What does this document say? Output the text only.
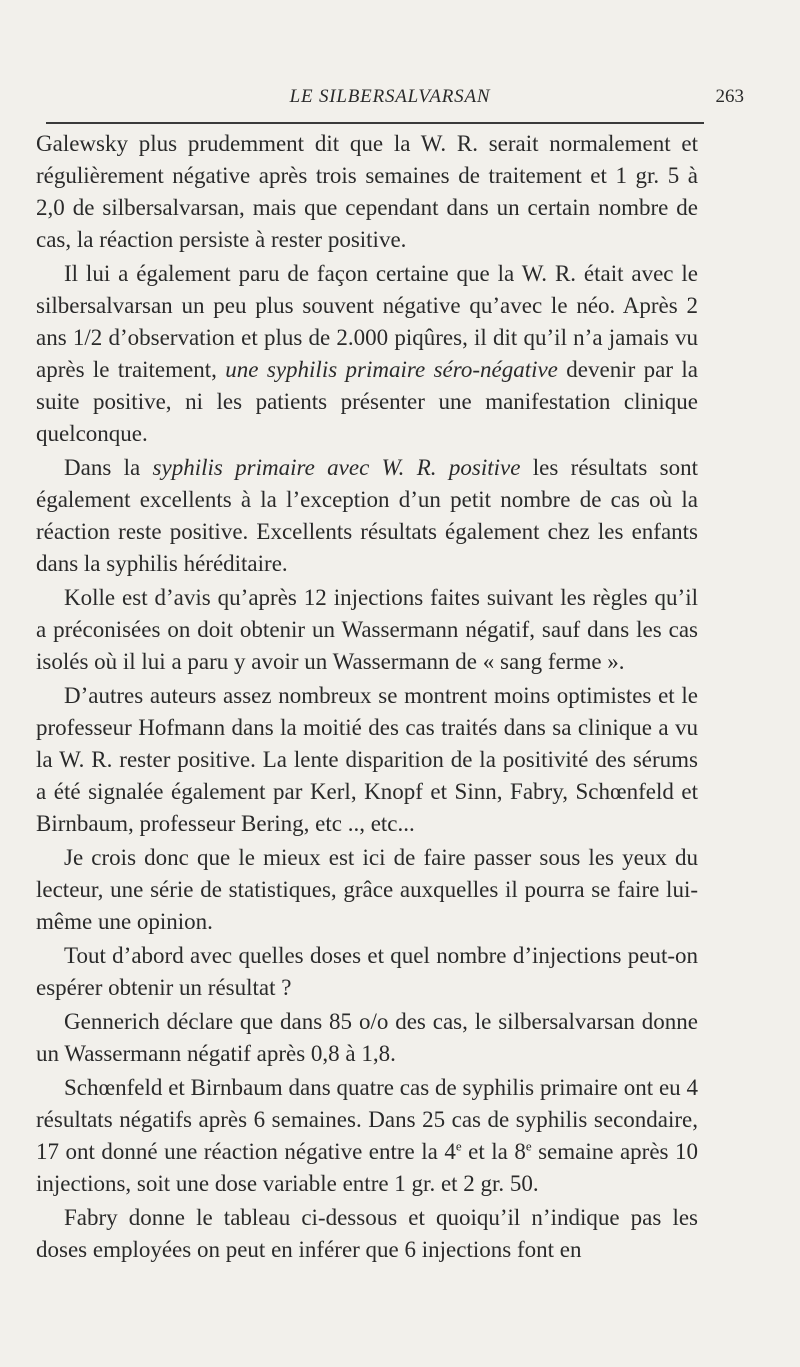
LE SILBERSALVARSAN	263

Galewsky plus prudemment dit que la W. R. serait normalement et régulièrement négative après trois semaines de traitement et 1 gr. 5 à 2,0 de silbersalvarsan, mais que cependant dans un certain nombre de cas, la réaction persiste à rester positive.

Il lui a également paru de façon certaine que la W. R. était avec le silbersalvarsan un peu plus souvent négative qu’avec le néo. Après 2 ans 1/2 d’observation et plus de 2.000 piqûres, il dit qu’il n’a jamais vu après le traitement, une syphilis primaire séro-négative devenir par la suite positive, ni les patients présenter une manifestation clinique quelconque.

Dans la syphilis primaire avec W. R. positive les résultats sont également excellents à la l’exception d’un petit nombre de cas où la réaction reste positive. Excellents résultats également chez les enfants dans la syphilis héréditaire.

Kolle est d’avis qu’après 12 injections faites suivant les règles qu’il a préconisées on doit obtenir un Wassermann négatif, sauf dans les cas isolés où il lui a paru y avoir un Wassermann de « sang ferme ».

D’autres auteurs assez nombreux se montrent moins optimistes et le professeur Hofmann dans la moitié des cas traités dans sa clinique a vu la W. R. rester positive. La lente disparition de la positivité des sérums a été signalée également par Kerl, Knopf et Sinn, Fabry, Schœnfeld et Birnbaum, professeur Bering, etc .., etc...

Je crois donc que le mieux est ici de faire passer sous les yeux du lecteur, une série de statistiques, grâce auxquelles il pourra se faire lui-même une opinion.

Tout d’abord avec quelles doses et quel nombre d’injections peut-on espérer obtenir un résultat ?

Gennerich déclare que dans 85 o/o des cas, le silbersalvarsan donne un Wassermann négatif après 0,8 à 1,8.

Schœnfeld et Birnbaum dans quatre cas de syphilis primaire ont eu 4 résultats négatifs après 6 semaines. Dans 25 cas de syphilis secondaire, 17 ont donné une réaction négative entre la 4e et la 8e semaine après 10 injections, soit une dose variable entre 1 gr. et 2 gr. 50.

Fabry donne le tableau ci-dessous et quoiqu’il n’indique pas les doses employées on peut en inférer que 6 injections font en
